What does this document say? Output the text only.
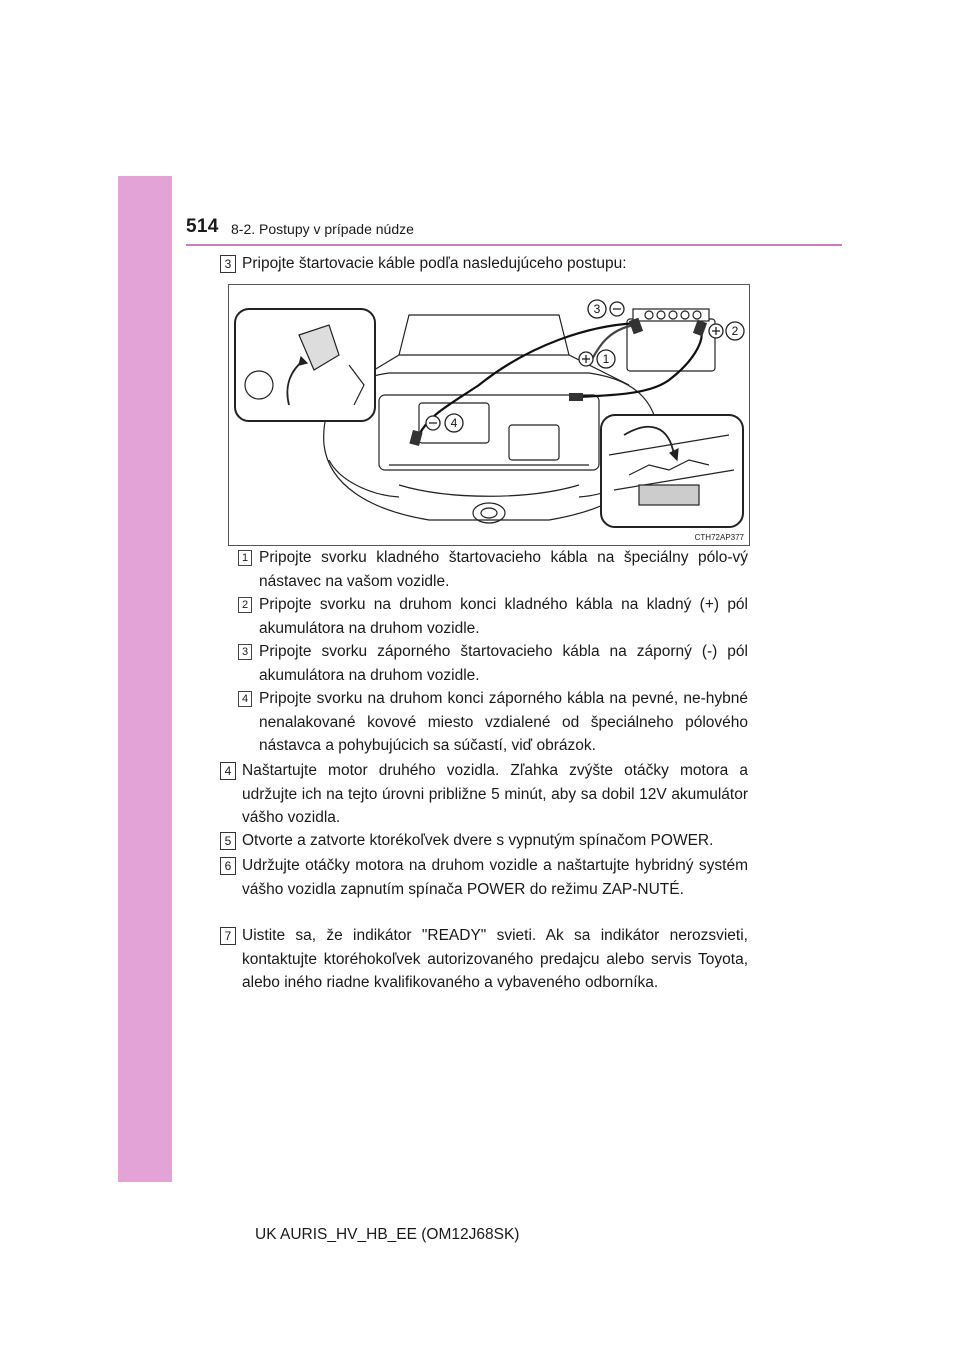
514 8-2. Postupy v prípade núdze
3 Pripojte štartovacie káble podľa nasledujúceho postupu:
3
2
1
4
CTH72AP377
1 Pripojte svorku kladného štartovacieho kábla na špeciálny pólo-vý nástavec na vašom vozidle.
2 Pripojte svorku na druhom konci kladného kábla na kladný (+) pól akumulátora na druhom vozidle.
3 Pripojte svorku záporného štartovacieho kábla na záporný (-) pól akumulátora na druhom vozidle.
4 Pripojte svorku na druhom konci záporného kábla na pevné, ne-hybné nenalakované kovové miesto vzdialené od špeciálneho pólového nástavca a pohybujúcich sa súčastí, viď obrázok.
4 Naštartujte motor druhého vozidla. Zľahka zvýšte otáčky motora a udržujte ich na tejto úrovni približne 5 minút, aby sa dobil 12V akumulátor vášho vozidla.
5 Otvorte a zatvorte ktorékoľvek dvere s vypnutým spínačom POWER.
6 Udržujte otáčky motora na druhom vozidle a naštartujte hybridný systém vášho vozidla zapnutím spínača POWER do režimu ZAP-NUTÉ.
7 Uistite sa, že indikátor "READY" svieti. Ak sa indikátor nerozsvieti, kontaktujte ktoréhokoľvek autorizovaného predajcu alebo servis Toyota, alebo iného riadne kvalifikovaného a vybaveného odborníka.
UK AURIS_HV_HB_EE (OM12J68SK)
